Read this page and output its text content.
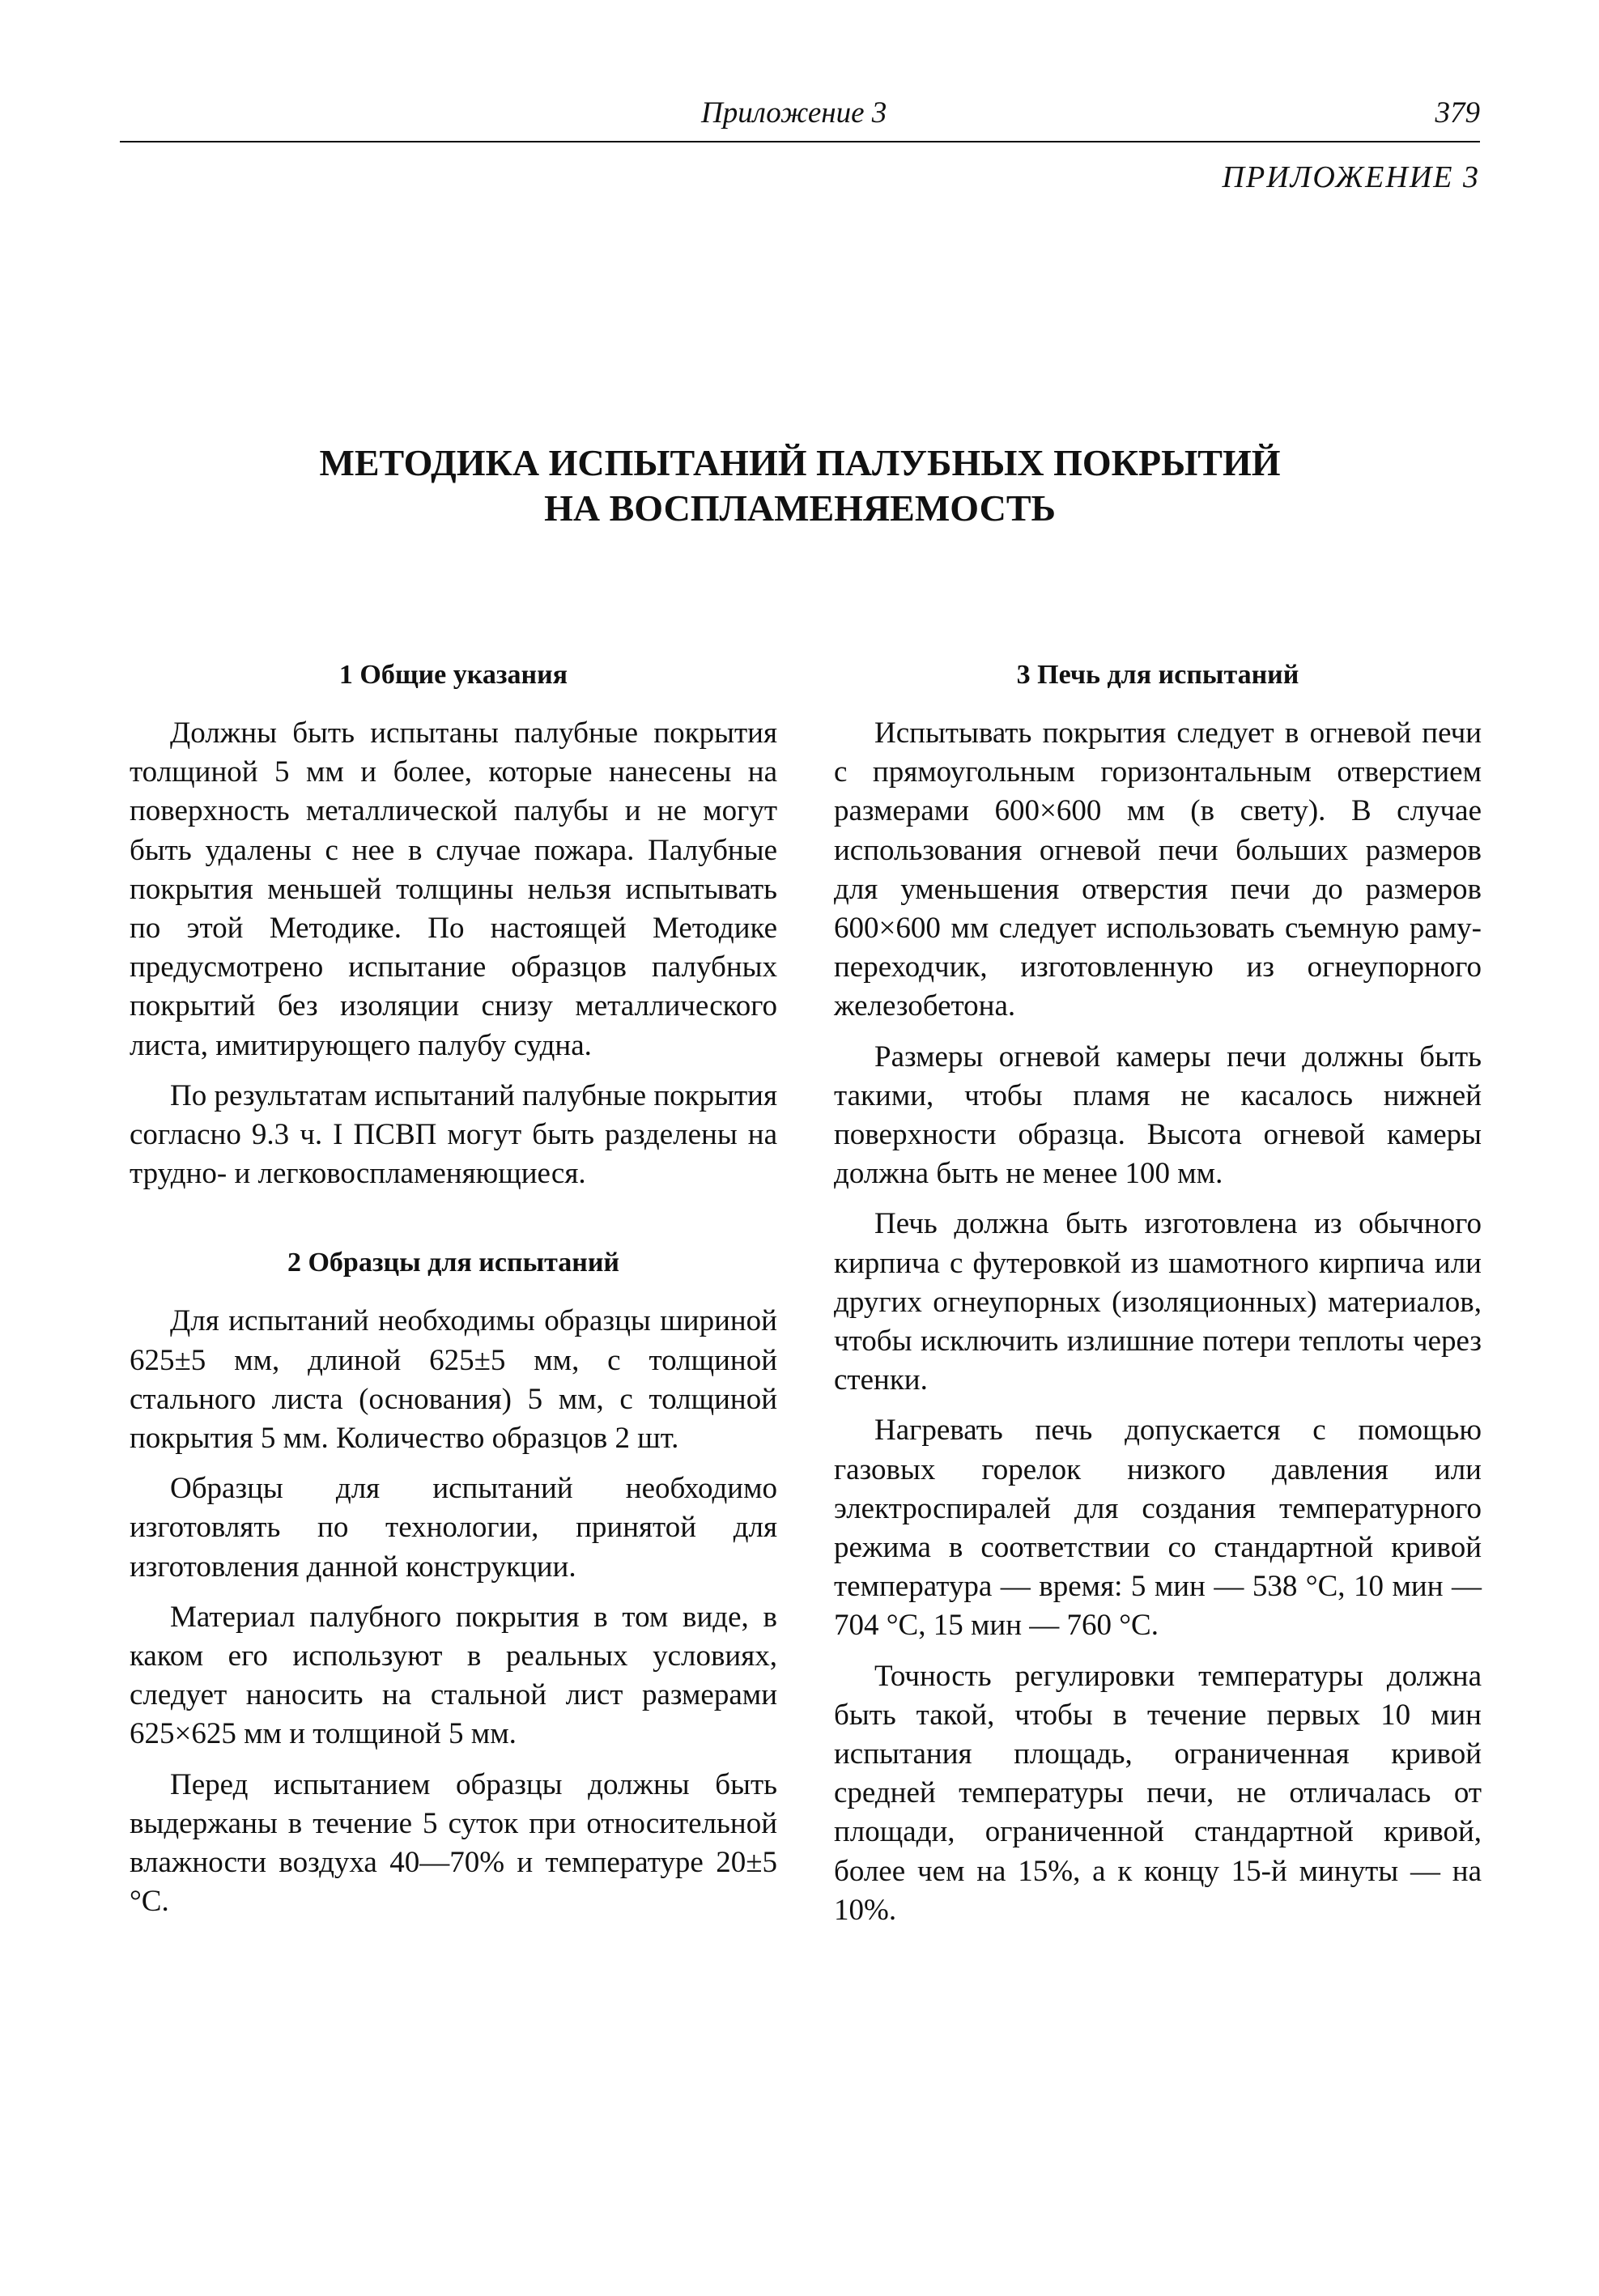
Приложение 3	379
ПРИЛОЖЕНИЕ 3
МЕТОДИКА ИСПЫТАНИЙ ПАЛУБНЫХ ПОКРЫТИЙ
НА ВОСПЛАМЕНЯЕМОСТЬ
1 Общие указания

Должны быть испытаны палубные покрытия толщиной 5 мм и более, которые нанесены на поверхность металлической палубы и не могут быть удалены с нее в случае пожара. Палубные покрытия меньшей толщины нельзя испытывать по этой Методике. По настоящей Методике предусмотрено испытание образцов палубных покрытий без изоляции снизу металлического листа, имитирующего палубу судна.

По результатам испытаний палубные покрытия согласно 9.3 ч. I ПСВП могут быть разделены на трудно- и легковоспламеняющиеся.

2 Образцы для испытаний

Для испытаний необходимы образцы шириной 625±5 мм, длиной 625±5 мм, с толщиной стального листа (основания) 5 мм, с толщиной покрытия 5 мм. Количество образцов 2 шт.

Образцы для испытаний необходимо изготовлять по технологии, принятой для изготовления данной конструкции.

Материал палубного покрытия в том виде, в каком его используют в реальных условиях, следует наносить на стальной лист размерами 625×625 мм и толщиной 5 мм.

Перед испытанием образцы должны быть выдержаны в течение 5 суток при относительной влажности воздуха 40—70% и температуре 20±5 °С.

3 Печь для испытаний

Испытывать покрытия следует в огневой печи с прямоугольным горизонтальным отверстием размерами 600×600 мм (в свету). В случае использования огневой печи больших размеров для уменьшения отверстия печи до размеров 600×600 мм следует использовать съемную раму-переходчик, изготовленную из огнеупорного железобетона.

Размеры огневой камеры печи должны быть такими, чтобы пламя не касалось нижней поверхности образца. Высота огневой камеры должна быть не менее 100 мм.

Печь должна быть изготовлена из обычного кирпича с футеровкой из шамотного кирпича или других огнеупорных (изоляционных) материалов, чтобы исключить излишние потери теплоты через стенки.

Нагревать печь допускается с помощью газовых горелок низкого давления или электроспиралей для создания температурного режима в соответствии со стандартной кривой температура — время: 5 мин — 538 °С, 10 мин — 704 °С, 15 мин — 760 °С.

Точность регулировки температуры должна быть такой, чтобы в течение первых 10 мин испытания площадь, ограниченная кривой средней температуры печи, не отличалась от площади, ограниченной стандартной кривой, более чем на 15%, а к концу 15-й минуты — на 10%.
